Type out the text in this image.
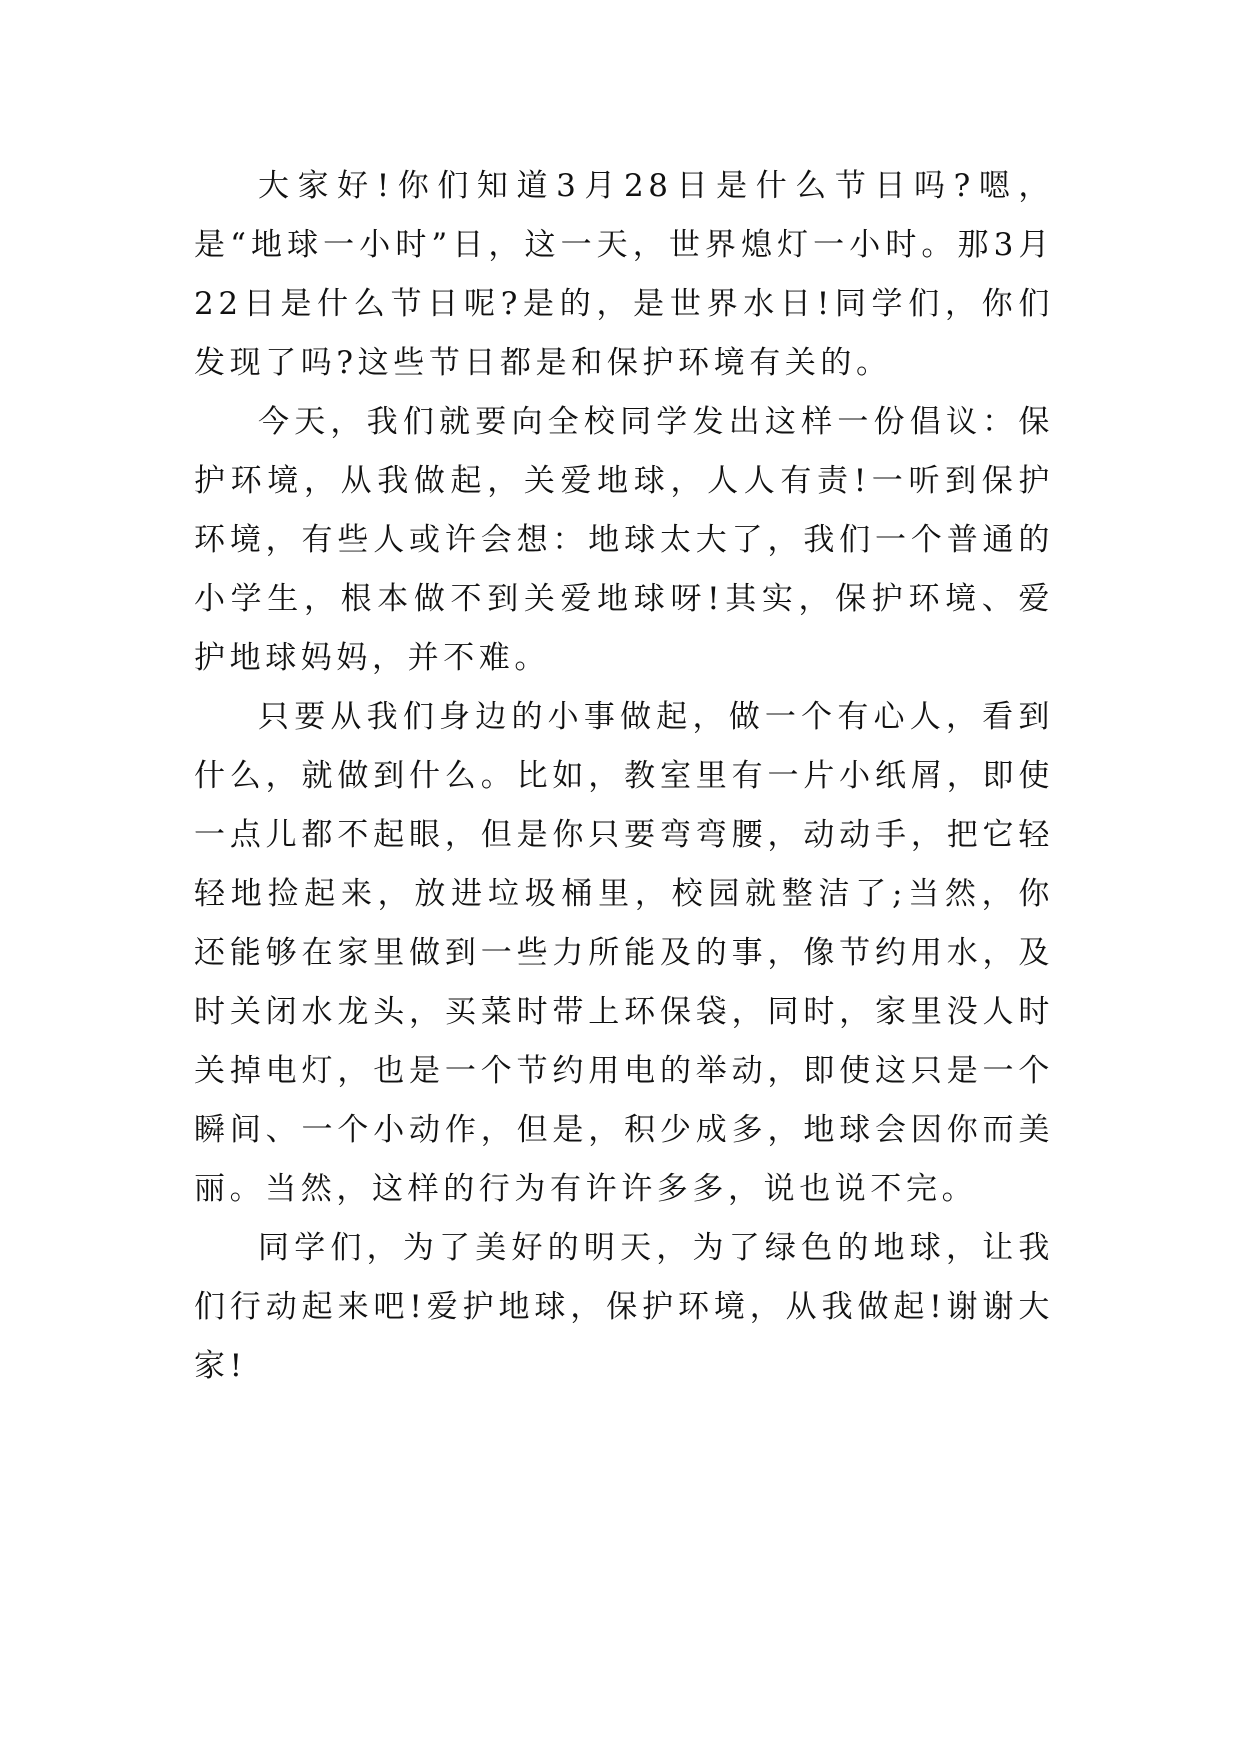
大家好!你们知道3月28日是什么节日吗?嗯，是“地球一小时”日，这一天，世界熄灯一小时。那3月22日是什么节日呢?是的，是世界水日!同学们，你们发现了吗?这些节日都是和保护环境有关的。

今天，我们就要向全校同学发出这样一份倡议：保护环境，从我做起，关爱地球，人人有责!一听到保护环境，有些人或许会想：地球太大了，我们一个普通的小学生，根本做不到关爱地球呀!其实，保护环境、爱护地球妈妈，并不难。

只要从我们身边的小事做起，做一个有心人，看到什么，就做到什么。比如，教室里有一片小纸屑，即使一点儿都不起眼，但是你只要弯弯腰，动动手，把它轻轻地捡起来，放进垃圾桶里，校园就整洁了;当然，你还能够在家里做到一些力所能及的事，像节约用水，及时关闭水龙头，买菜时带上环保袋，同时，家里没人时关掉电灯，也是一个节约用电的举动，即使这只是一个瞬间、一个小动作，但是，积少成多，地球会因你而美丽。当然，这样的行为有许许多多，说也说不完。

同学们，为了美好的明天，为了绿色的地球，让我们行动起来吧!爱护地球，保护环境，从我做起!谢谢大家!
